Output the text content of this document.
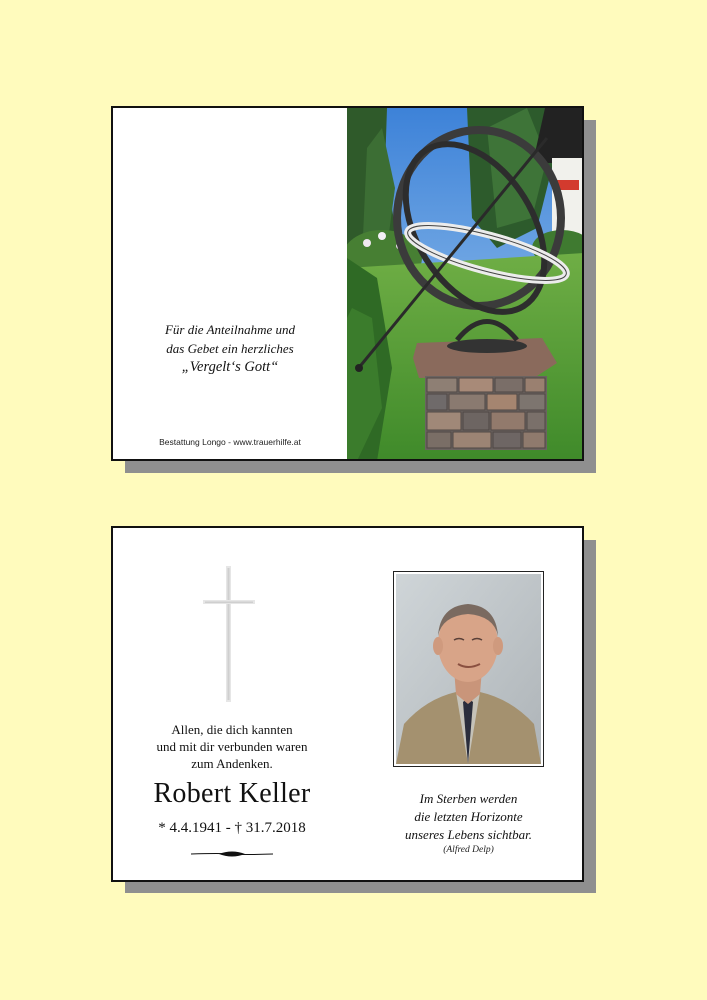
Für die Anteilnahme und
das Gebet ein herzliches
„Vergelt‘s Gott“
Bestattung Longo - www.trauerhilfe.at
Allen, die dich kannten
und mit dir verbunden waren
zum Andenken.
Robert Keller
* 4.4.1941 - † 31.7.2018
Im Sterben werden
die letzten Horizonte
unseres Lebens sichtbar.
(Alfred Delp)
